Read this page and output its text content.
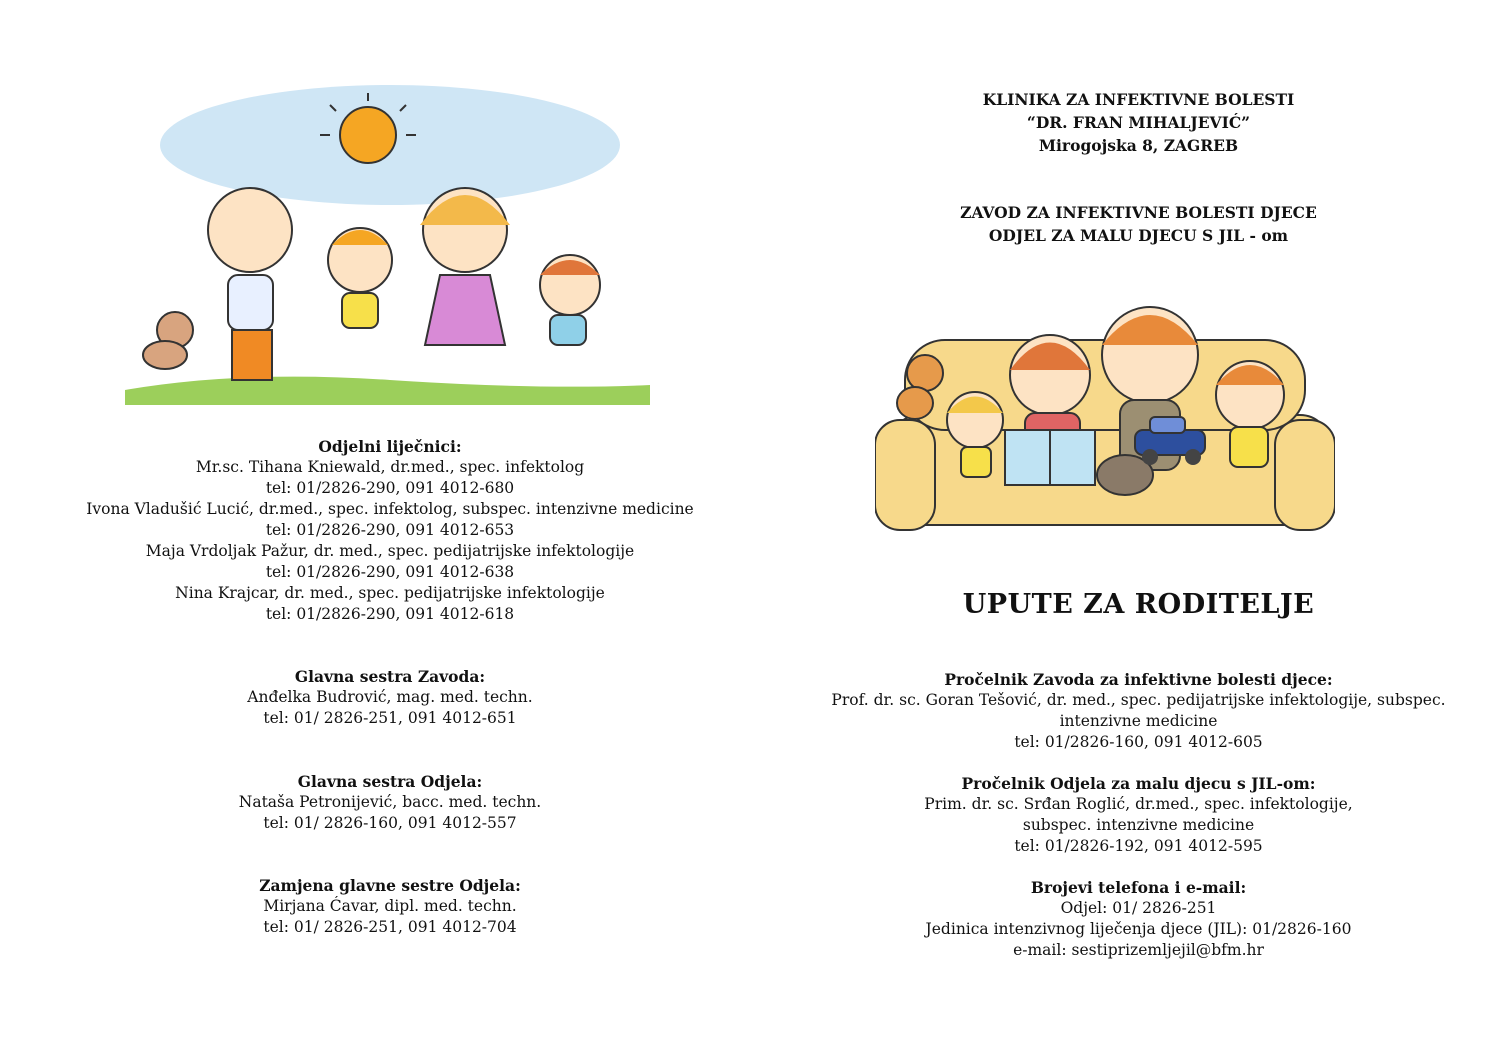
Odjelni liječnici:
Mr.sc. Tihana Kniewald, dr.med., spec. infektolog
tel: 01/2826-290, 091 4012-680
Ivona Vladušić Lucić, dr.med., spec. infektolog, subspec. intenzivne medicine
tel: 01/2826-290, 091 4012-653
Maja Vrdoljak Pažur, dr. med., spec. pedijatrijske infektologije
tel: 01/2826-290, 091 4012-638
Nina Krajcar, dr. med., spec. pedijatrijske infektologije
tel: 01/2826-290, 091 4012-618
Glavna sestra Zavoda:
Anđelka Budrović, mag. med. techn.
tel: 01/ 2826-251, 091 4012-651
Glavna sestra Odjela:
Nataša Petronijević, bacc. med. techn.
tel: 01/ 2826-160, 091 4012-557
Zamjena glavne sestre Odjela:
Mirjana Ćavar, dipl. med. techn.
tel: 01/ 2826-251, 091 4012-704
KLINIKA ZA INFEKTIVNE BOLESTI
“DR. FRAN MIHALJEVIĆ”
Mirogojska 8, ZAGREB
ZAVOD ZA INFEKTIVNE BOLESTI DJECE
ODJEL ZA MALU DJECU S JIL - om
UPUTE ZA RODITELJE
Pročelnik Zavoda za infektivne bolesti djece:
Prof. dr. sc. Goran Tešović, dr. med., spec. pedijatrijske infektologije, subspec.
intenzivne medicine
tel: 01/2826-160, 091 4012-605
Pročelnik Odjela za malu djecu s JIL-om:
Prim. dr. sc. Srđan Roglić, dr.med., spec. infektologije,
subspec. intenzivne medicine
tel: 01/2826-192, 091 4012-595
Brojevi telefona i e-mail:
Odjel: 01/ 2826-251
Jedinica intenzivnog liječenja djece (JIL): 01/2826-160
e-mail: sestiprizemljejil@bfm.hr
